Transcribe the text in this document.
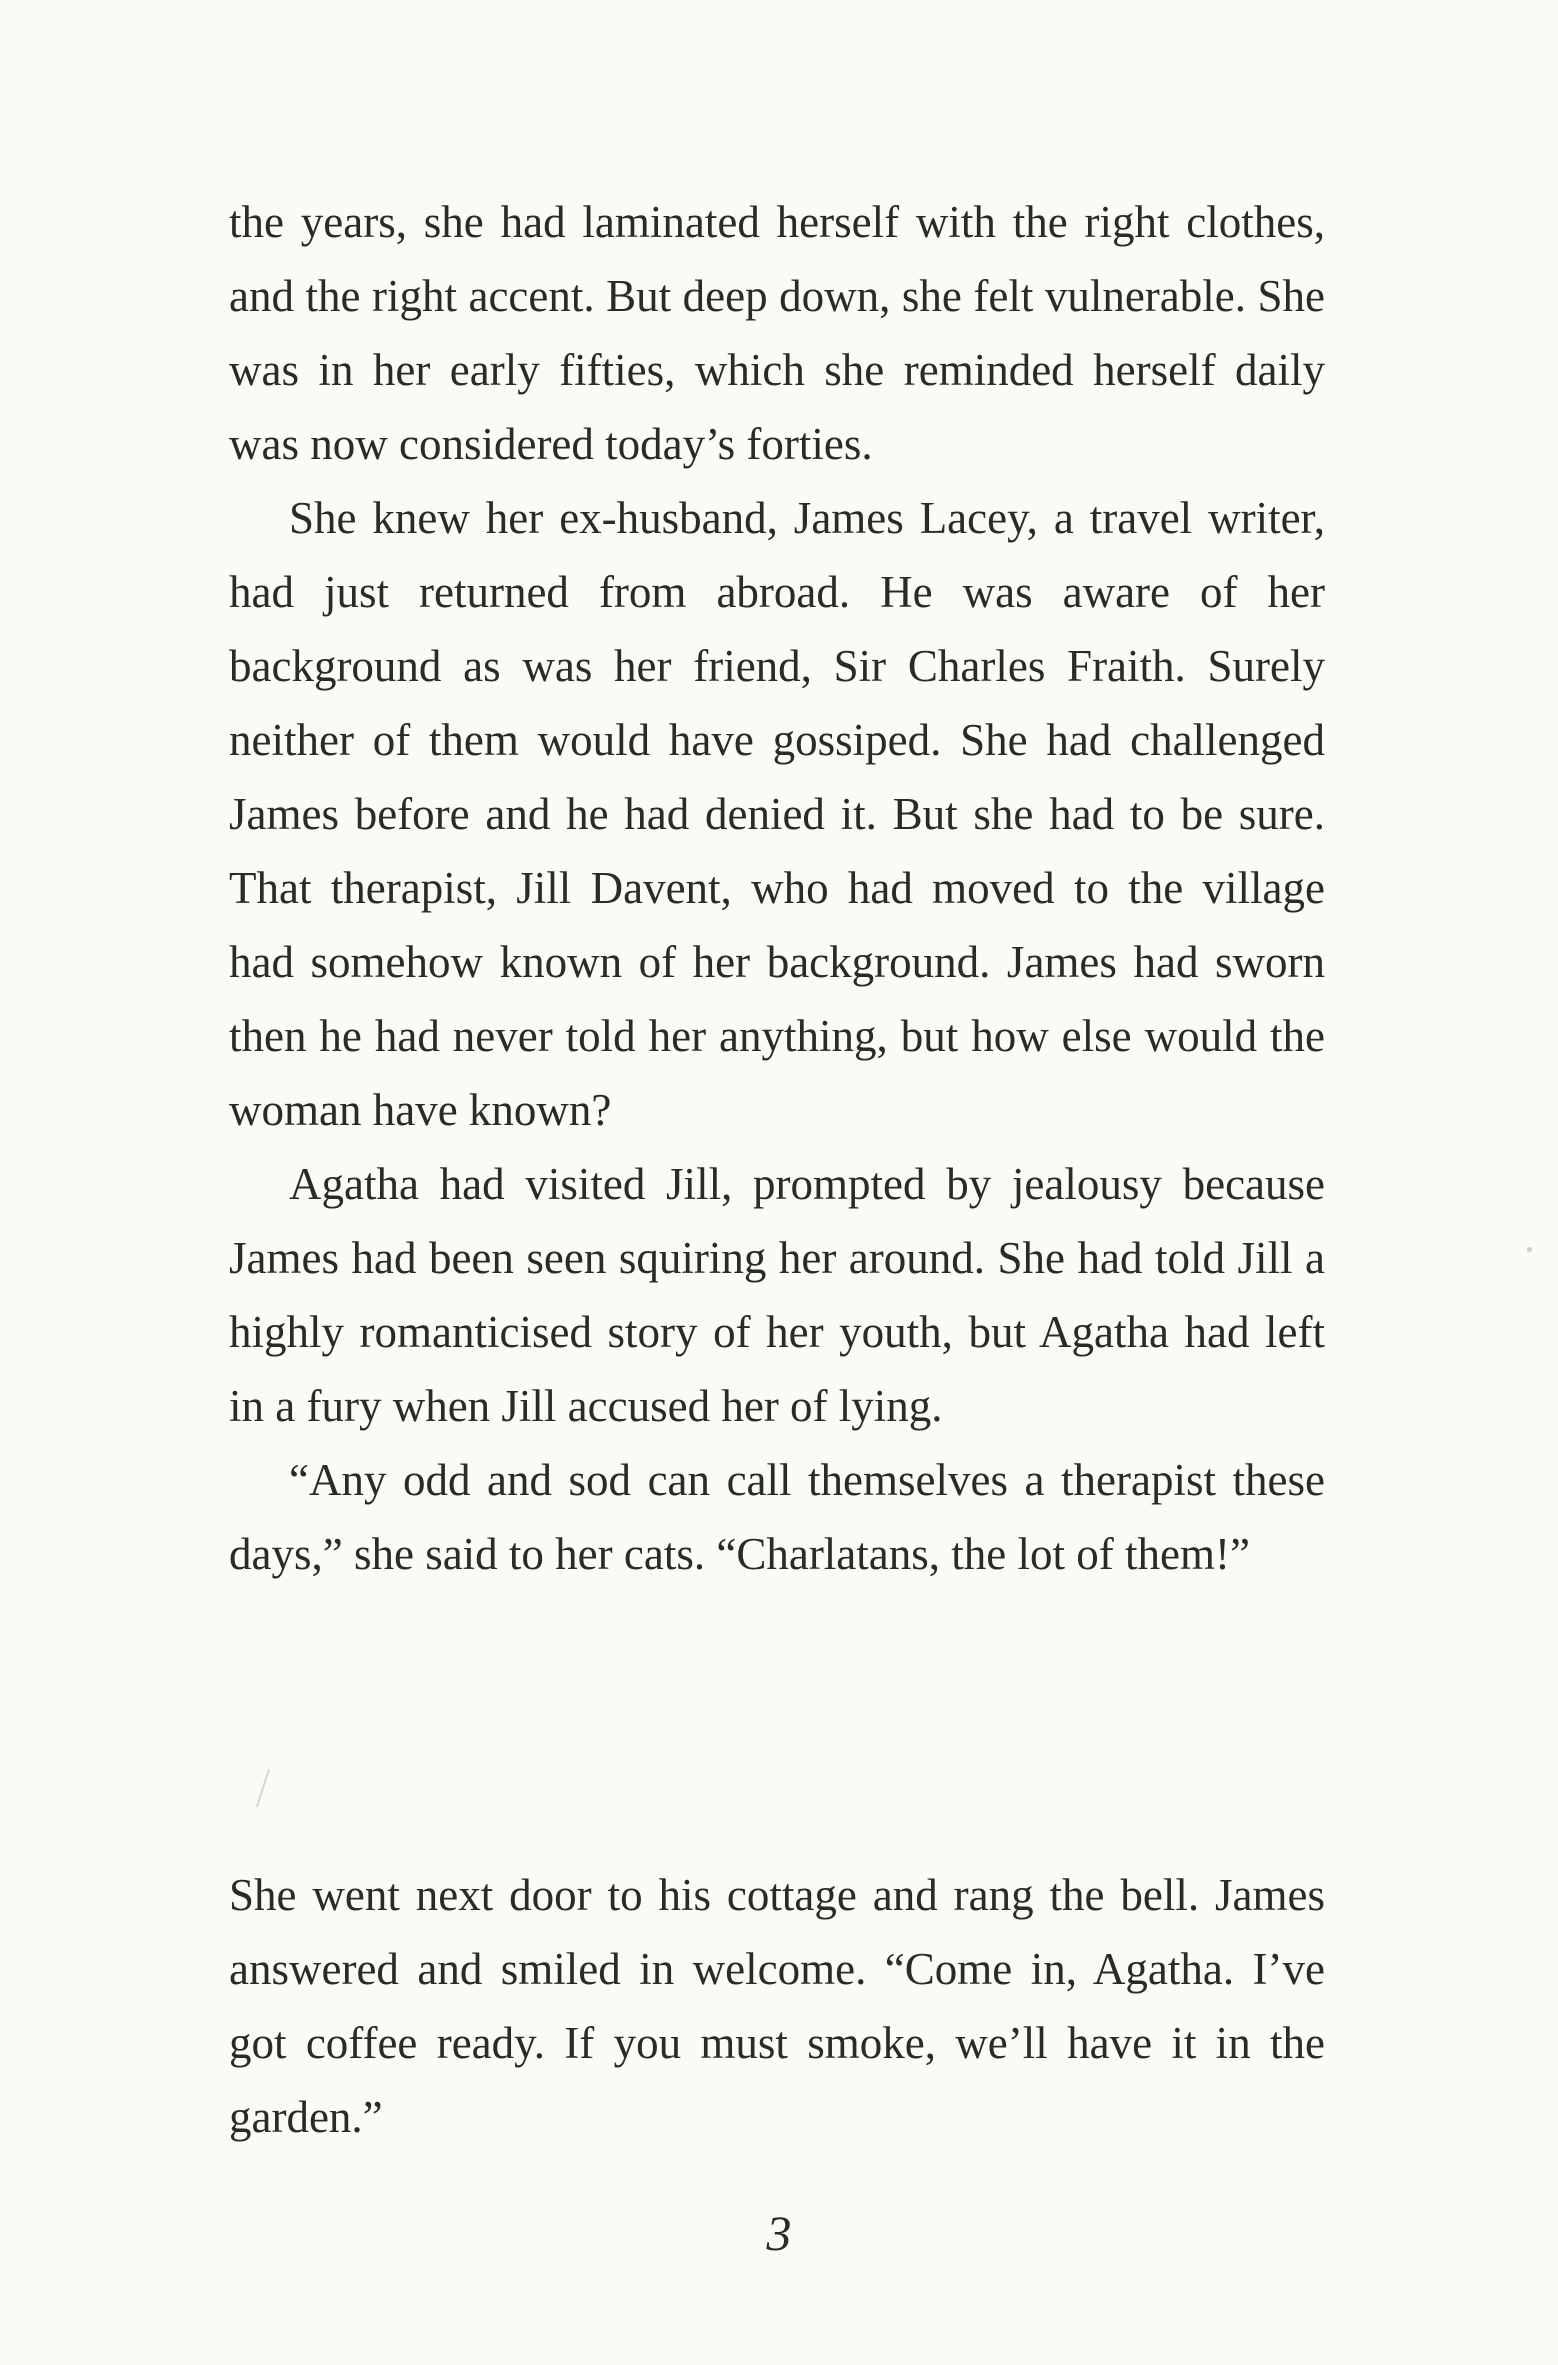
the years, she had laminated herself with the right clothes, and the right accent. But deep down, she felt vulnerable. She was in her early fifties, which she reminded herself daily was now considered today’s forties.

She knew her ex-husband, James Lacey, a travel writer, had just returned from abroad. He was aware of her background as was her friend, Sir Charles Fraith. Surely neither of them would have gossiped. She had challenged James before and he had denied it. But she had to be sure. That therapist, Jill Davent, who had moved to the village had somehow known of her background. James had sworn then he had never told her anything, but how else would the woman have known?

Agatha had visited Jill, prompted by jealousy because James had been seen squiring her around. She had told Jill a highly romanticised story of her youth, but Agatha had left in a fury when Jill accused her of lying.

“Any odd and sod can call themselves a therapist these days,” she said to her cats. “Charlatans, the lot of them!”

She went next door to his cottage and rang the bell. James answered and smiled in welcome. “Come in, Agatha. I’ve got coffee ready. If you must smoke, we’ll have it in the garden.”

3
